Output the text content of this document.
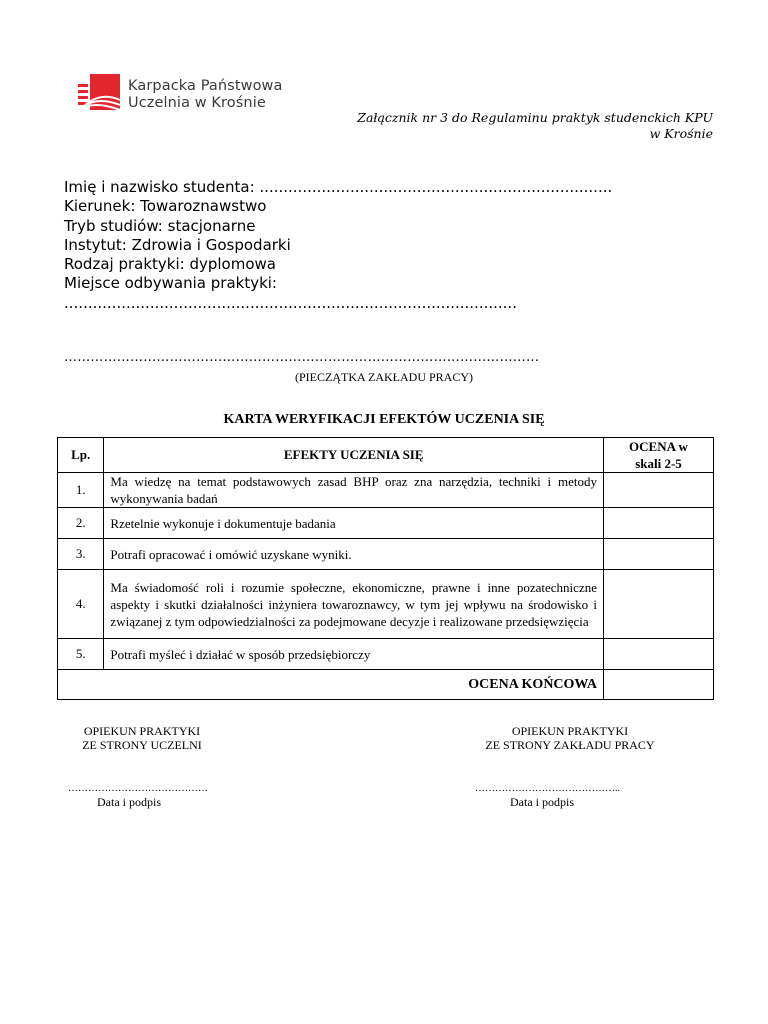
Karpacka Państwowa
Uczelnia w Krośnie
Załącznik nr 3 do Regulaminu praktyk studenckich KPU
w Krośnie
Imię i nazwisko studenta: ..........................................................................
Kierunek: Towaroznawstwo
Tryb studiów: stacjonarne
Instytut: Zdrowia i Gospodarki
Rodzaj praktyki: dyplomowa
Miejsce odbywania praktyki:
...............................................................................................
………………………………………………………………………………………………
(PIECZĄTKA ZAKŁADU PRACY)
KARTA WERYFIKACJI EFEKTÓW UCZENIA SIĘ
Lp.	EFEKTY UCZENIA SIĘ	OCENA w
skali 2-5

1.	Ma wiedzę na temat podstawowych zasad BHP oraz zna narzędzia, techniki i metody wykonywania badań	
2.	Rzetelnie wykonuje i dokumentuje badania	
3.	Potrafi opracować i omówić uzyskane wyniki.	
4.	Ma świadomość roli i rozumie społeczne, ekonomiczne, prawne i inne pozatechniczne aspekty i skutki działalności inżyniera towaroznawcy, w tym jej wpływu na środowisko i związanej z tym odpowiedzialności za podejmowane decyzje i realizowane przedsięwzięcia	
5.	Potrafi myśleć i działać w sposób przedsiębiorczy	
OCENA KOŃCOWA		
OPIEKUN PRAKTYKI
ZE STRONY UCZELNI
OPIEKUN PRAKTYKI
ZE STRONY ZAKŁADU PRACY
……………………………………	……………………………………..
Data i podpis	Data i podpis
